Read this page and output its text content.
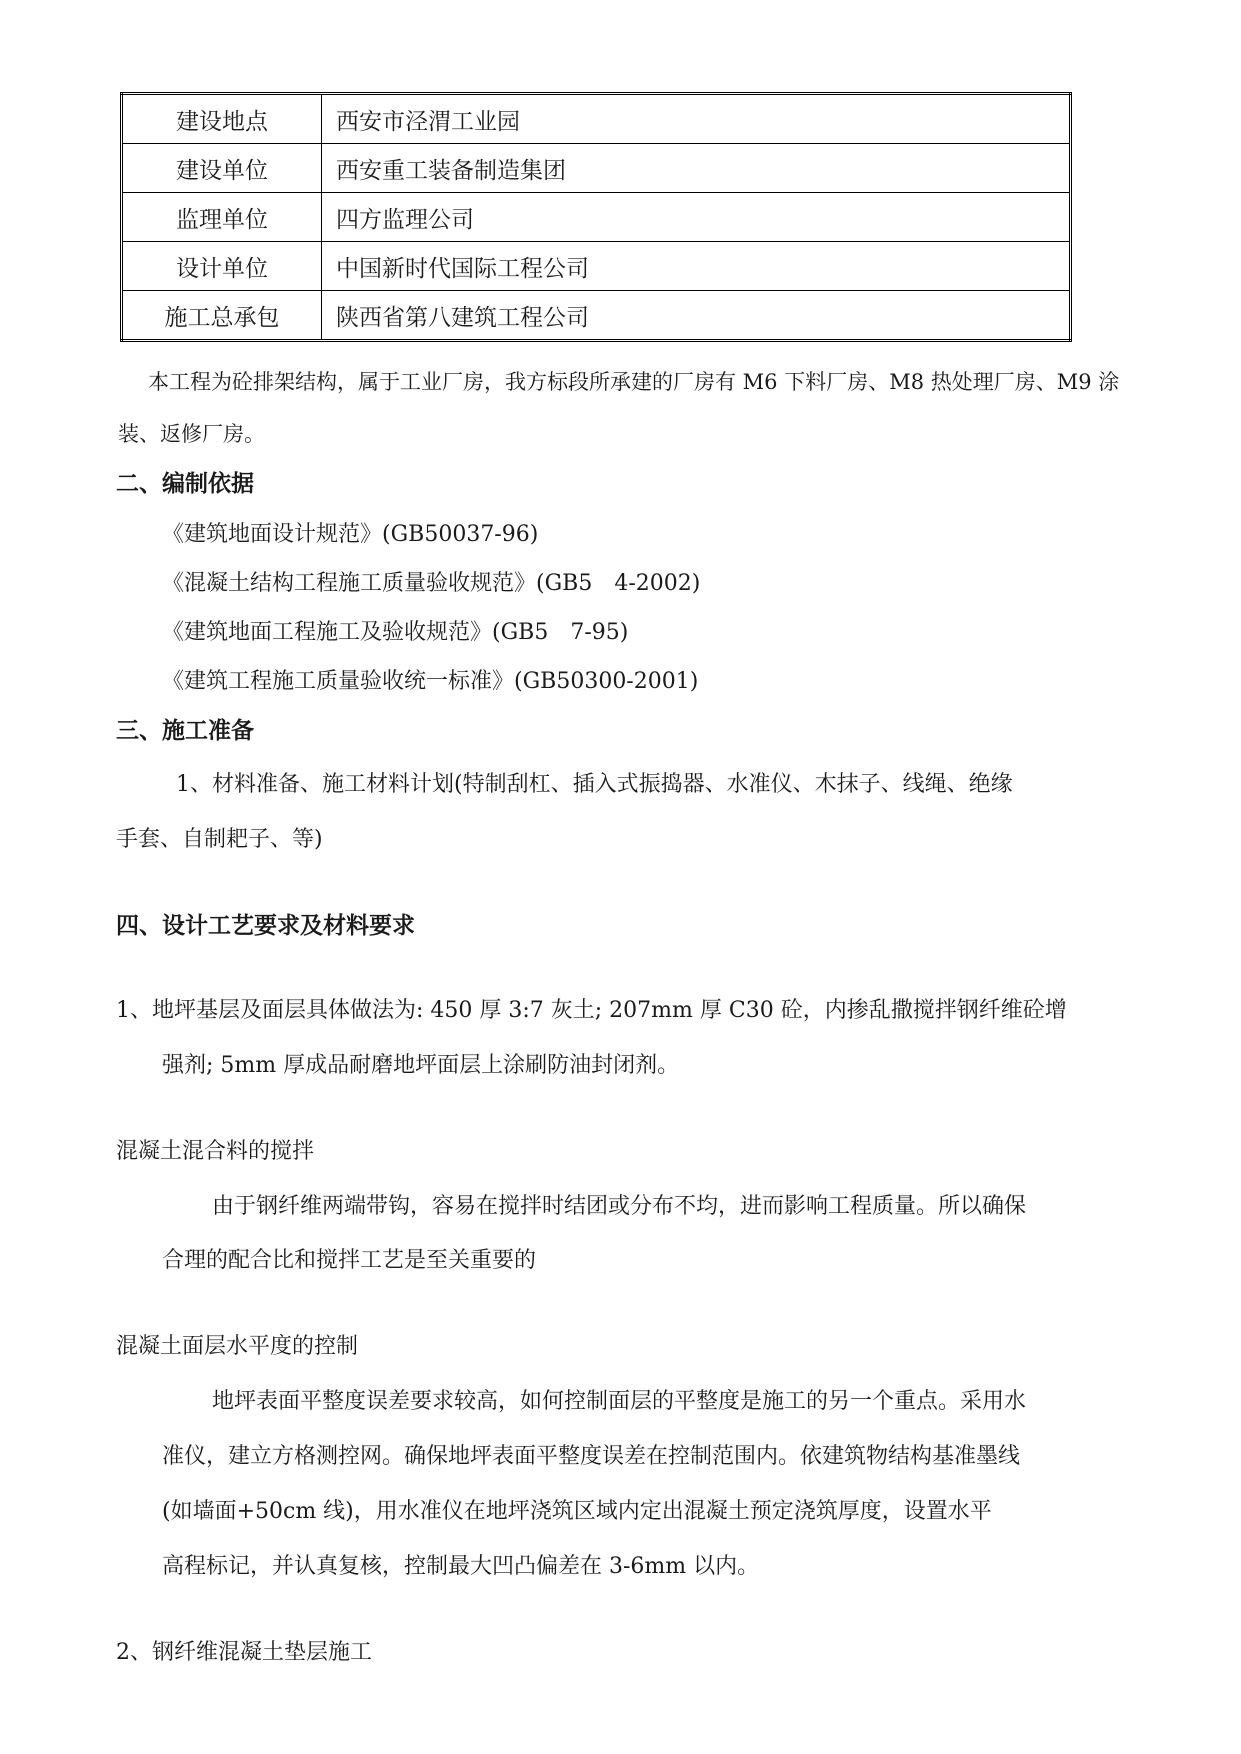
建设地点	西安市泾渭工业园
建设单位	西安重工装备制造集团
监理单位	四方监理公司
设计单位	中国新时代国际工程公司
施工总承包	陕西省第八建筑工程公司
本工程为砼排架结构，属于工业厂房，我方标段所承建的厂房有 M6 下料厂房、M8 热处理厂房、M9 涂
装、返修厂房。
二、编制依据
《建筑地面设计规范》(GB50037-96)
《混凝土结构工程施工质量验收规范》(GB5　4-2002)
《建筑地面工程施工及验收规范》(GB5　7-95)
《建筑工程施工质量验收统一标准》(GB50300-2001)
三、施工准备
1、材料准备、施工材料计划(特制刮杠、插入式振捣器、水准仪、木抹子、线绳、绝缘
手套、自制耙子、等)
四、设计工艺要求及材料要求
1、地坪基层及面层具体做法为: 450 厚 3:7 灰土; 207mm 厚 C30 砼，内掺乱撒搅拌钢纤维砼增
强剂; 5mm 厚成品耐磨地坪面层上涂刷防油封闭剂。
混凝土混合料的搅拌
由于钢纤维两端带钩，容易在搅拌时结团或分布不均，进而影响工程质量。所以确保
合理的配合比和搅拌工艺是至关重要的
混凝土面层水平度的控制
地坪表面平整度误差要求较高，如何控制面层的平整度是施工的另一个重点。采用水
准仪，建立方格测控网。确保地坪表面平整度误差在控制范围内。依建筑物结构基准墨线
(如墙面+50cm 线)，用水准仪在地坪浇筑区域内定出混凝土预定浇筑厚度，设置水平
高程标记，并认真复核，控制最大凹凸偏差在 3-6mm 以内。
2、钢纤维混凝土垫层施工
